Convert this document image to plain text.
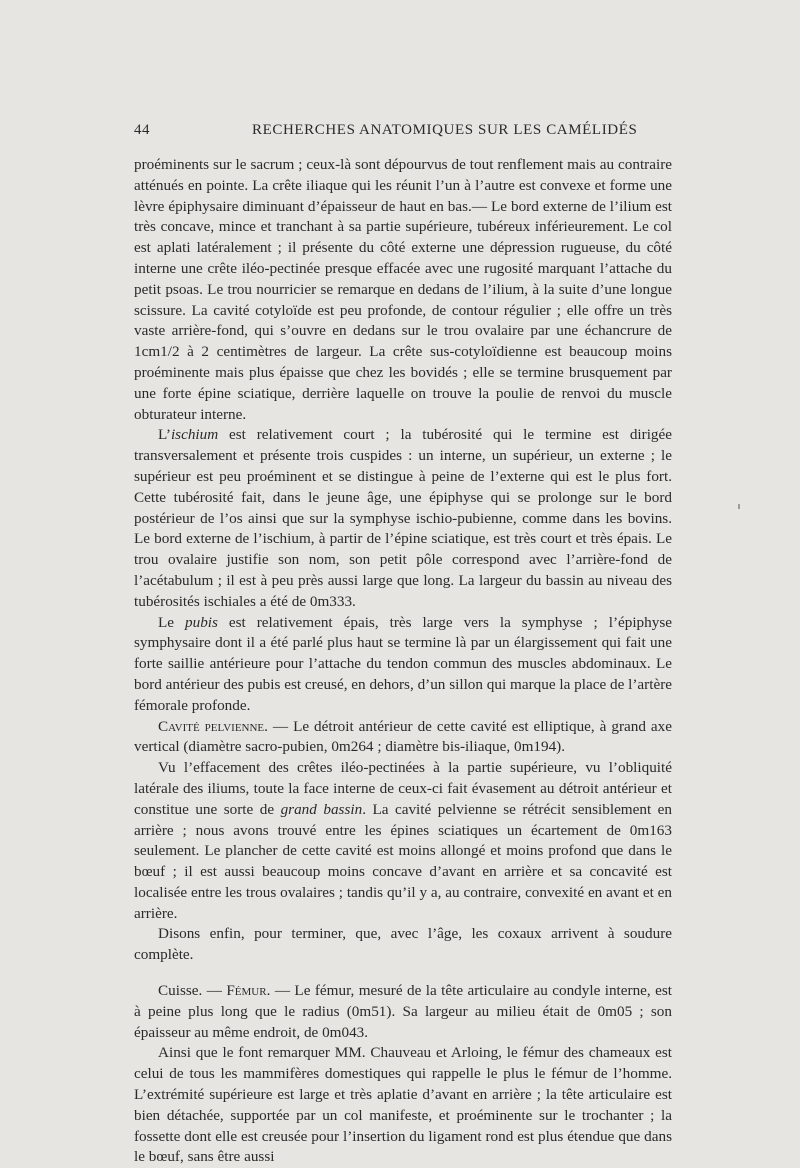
44	RECHERCHES ANATOMIQUES SUR LES CAMÉLIDÉS

proéminents sur le sacrum ; ceux-là sont dépourvus de tout renflement mais au contraire atténués en pointe. La crête iliaque qui les réunit l’un à l’autre est convexe et forme une lèvre épiphysaire diminuant d’épaisseur de haut en bas.— Le bord externe de l’ilium est très concave, mince et tranchant à sa partie supérieure, tubéreux inférieurement. Le col est aplati latéralement ; il présente du côté externe une dépression rugueuse, du côté interne une crête iléo-pectinée presque effacée avec une rugosité marquant l’attache du petit psoas. Le trou nourricier se remarque en dedans de l’ilium, à la suite d’une longue scissure. La cavité cotyloïde est peu profonde, de contour régulier ; elle offre un très vaste arrière-fond, qui s’ouvre en dedans sur le trou ovalaire par une échancrure de 1cm1/2 à 2 centimètres de largeur. La crête sus-cotyloïdienne est beaucoup moins proéminente mais plus épaisse que chez les bovidés ; elle se termine brusquement par une forte épine sciatique, derrière laquelle on trouve la poulie de renvoi du muscle obturateur interne.

L’ischium est relativement court ; la tubérosité qui le termine est dirigée transversalement et présente trois cuspides : un interne, un supérieur, un externe ; le supérieur est peu proéminent et se distingue à peine de l’externe qui est le plus fort. Cette tubérosité fait, dans le jeune âge, une épiphyse qui se prolonge sur le bord postérieur de l’os ainsi que sur la symphyse ischio-pubienne, comme dans les bovins. Le bord externe de l’ischium, à partir de l’épine sciatique, est très court et très épais. Le trou ovalaire justifie son nom, son petit pôle correspond avec l’arrière-fond de l’acétabulum ; il est à peu près aussi large que long. La largeur du bassin au niveau des tubérosités ischiales a été de 0m333.

Le pubis est relativement épais, très large vers la symphyse ; l’épiphyse symphysaire dont il a été parlé plus haut se termine là par un élargissement qui fait une forte saillie antérieure pour l’attache du tendon commun des muscles abdominaux. Le bord antérieur des pubis est creusé, en dehors, d’un sillon qui marque la place de l’artère fémorale profonde.

Cavité pelvienne. — Le détroit antérieur de cette cavité est elliptique, à grand axe vertical (diamètre sacro-pubien, 0m264 ; diamètre bis-iliaque, 0m194).

Vu l’effacement des crêtes iléo-pectinées à la partie supérieure, vu l’obliquité latérale des iliums, toute la face interne de ceux-ci fait évasement au détroit antérieur et constitue une sorte de grand bassin. La cavité pelvienne se rétrécit sensiblement en arrière ; nous avons trouvé entre les épines sciatiques un écartement de 0m163 seulement. Le plancher de cette cavité est moins allongé et moins profond que dans le bœuf ; il est aussi beaucoup moins concave d’avant en arrière et sa concavité est localisée entre les trous ovalaires ; tandis qu’il y a, au contraire, convexité en avant et en arrière.

Disons enfin, pour terminer, que, avec l’âge, les coxaux arrivent à soudure complète.

Cuisse. — Fémur. — Le fémur, mesuré de la tête articulaire au condyle interne, est à peine plus long que le radius (0m51). Sa largeur au milieu était de 0m05 ; son épaisseur au même endroit, de 0m043.

Ainsi que le font remarquer MM. Chauveau et Arloing, le fémur des chameaux est celui de tous les mammifères domestiques qui rappelle le plus le fémur de l’homme. L’extrémité supérieure est large et très aplatie d’avant en arrière ; la tête articulaire est bien détachée, supportée par un col manifeste, et proéminente sur le trochanter ; la fossette dont elle est creusée pour l’insertion du ligament rond est plus étendue que dans le bœuf, sans être aussi
